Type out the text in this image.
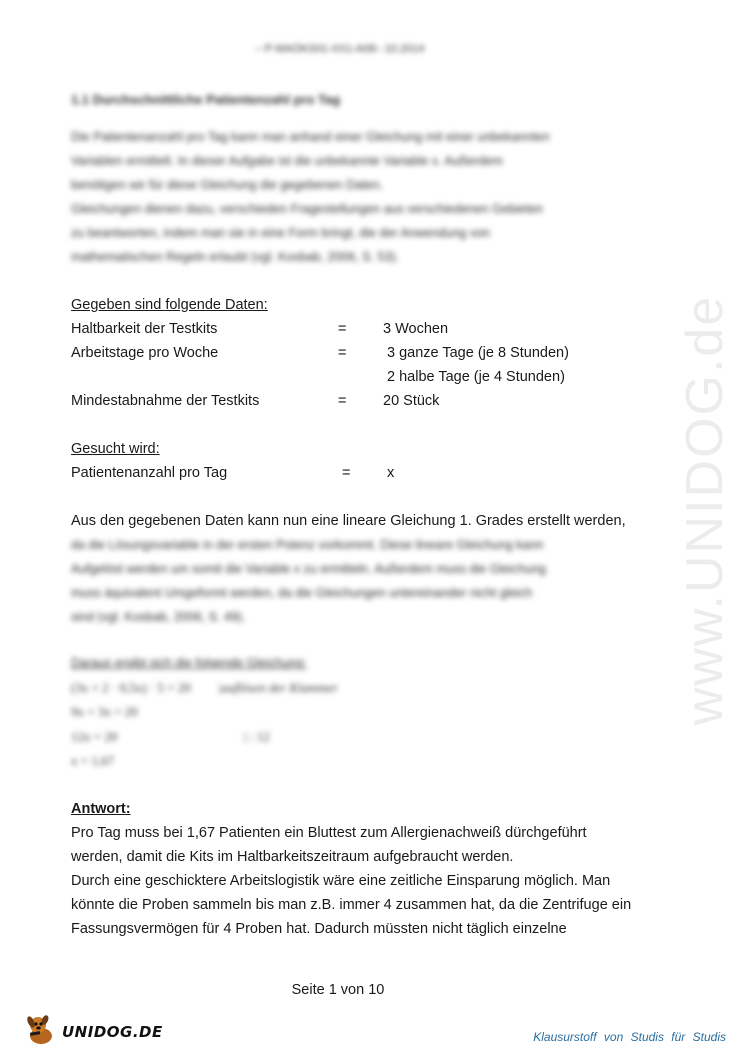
www.UNIDOG.de
– P-MAÖKS01-XX1-A08– 10.2014
1.1 Durchschnittliche Patientenzahl pro Tag
Die Patientenanzahl pro Tag kann man anhand einer Gleichung mit einer unbekannten
Variablen ermittelt. In dieser Aufgabe ist die unbekannte Variable x. Außerdem
benötigen wir für diese Gleichung die gegebenen Daten.
Gleichungen dienen dazu, verschieden Fragestellungen aus verschiedenen Gebieten
zu beantworten, indem man sie in eine Form bringt, die der Anwendung von
mathematischen Regeln erlaubt (vgl. Kosbab, 2006, S. 53).
Gegeben sind folgende Daten:
Haltbarkeit der Testkits	=	3 Wochen
Arbeitstage pro Woche	=	3 ganze Tage (je 8 Stunden)
2 halbe Tage (je 4 Stunden)
Mindestabnahme der Testkits	=	20 Stück
Gesucht wird:
Patientenanzahl pro Tag	=	x
Aus den gegebenen Daten kann nun eine lineare Gleichung 1. Grades erstellt werden,
da die Lösungsvariable in der ersten Potenz vorkommt. Diese lineare Gleichung kann
Aufgelöst werden um somit die Variable x zu ermitteln. Außerdem muss die Gleichung
muss äquivalent Umgeformt werden, da die Gleichungen untereinander nicht gleich
sind (vgl. Kosbab, 2006, S. 49).
Daraus ergibt sich die folgende Gleichung:
(3x + 2 · 0,5x) · 5 = 20 |auflösen der Klammer
9x + 3x = 20
12x = 20	| : 12
x = 1,67
Antwort:
Pro Tag muss bei 1,67 Patienten ein Bluttest zum Allergienachweiß dürchgeführt
werden, damit die Kits im Haltbarkeitszeitraum aufgebraucht werden.
Durch eine geschicktere Arbeitslogistik wäre eine zeitliche Einsparung möglich. Man
könnte die Proben sammeln bis man z.B. immer 4 zusammen hat, da die Zentrifuge ein
Fassungsvermögen für 4 Proben hat. Dadurch müssten nicht täglich einzelne
Seite 1 von 10
UNIDOG.DE	Klausurstoff von Studis für Studis
